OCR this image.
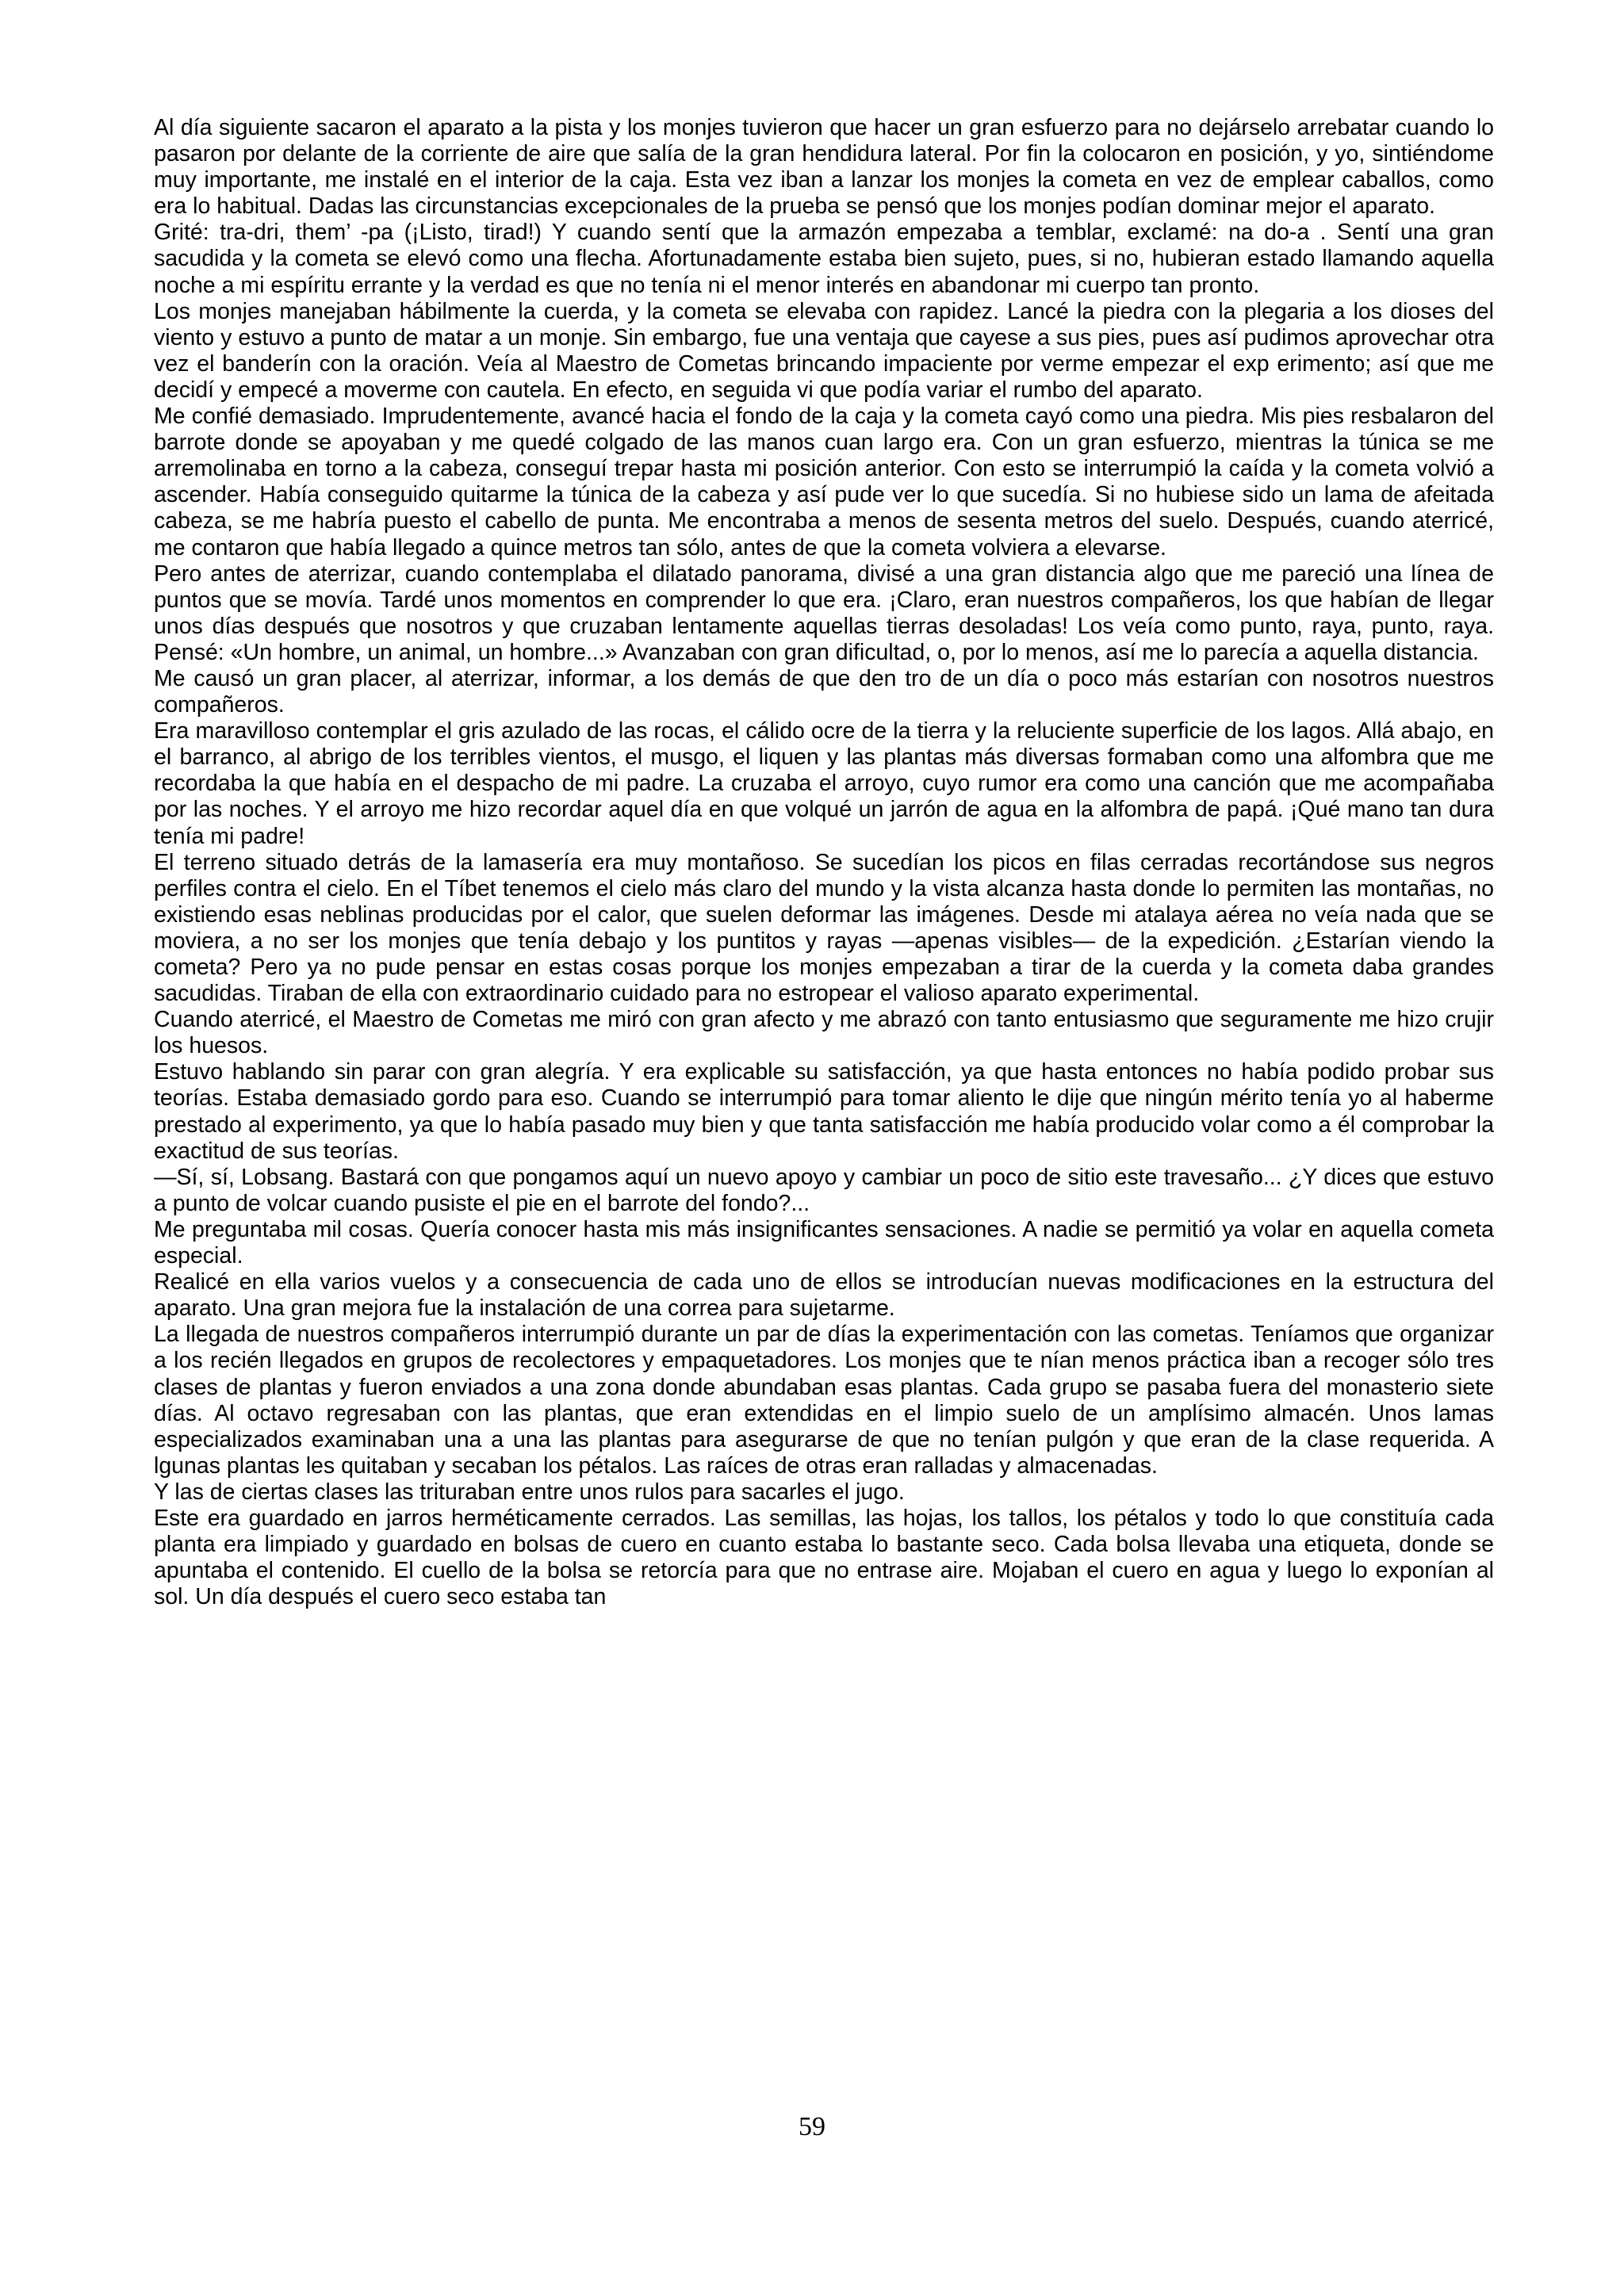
Al día siguiente sacaron el aparato a la pista y los monjes tuvieron que hacer un gran esfuerzo para no dejárselo arrebatar cuando lo pasaron por delante de la corriente de aire que salía de la gran hendidura lateral. Por fin la colocaron en posición, y yo, sintiéndome muy importante, me instalé en el interior de la caja. Esta vez iban a lanzar los monjes la cometa en vez de emplear caballos, como era lo habitual. Dadas las circunstancias excepcionales de la prueba se pensó que los monjes podían dominar mejor el aparato.

Grité: tra-dri, them’ -pa (¡Listo, tirad!) Y cuando sentí que la armazón empezaba a temblar, exclamé: na do-a . Sentí una gran sacudida y la cometa se elevó como una flecha. Afortunadamente estaba bien sujeto, pues, si no, hubieran estado llamando aquella noche a mi espíritu errante y la verdad es que no tenía ni el menor interés en abandonar mi cuerpo tan pronto.

Los monjes manejaban hábilmente la cuerda, y la cometa se elevaba con rapidez. Lancé la piedra con la plegaria a los dioses del viento y estuvo a punto de matar a un monje. Sin embargo, fue una ventaja que cayese a sus pies, pues así pudimos aprovechar otra vez el banderín con la oración. Veía al Maestro de Cometas brincando impaciente por verme empezar el exp erimento; así que me decidí y empecé a moverme con cautela. En efecto, en seguida vi que podía variar el rumbo del aparato.

Me confié demasiado. Imprudentemente, avancé hacia el fondo de la caja y la cometa cayó como una piedra. Mis pies resbalaron del barrote donde se apoyaban y me quedé colgado de las manos cuan largo era. Con un gran esfuerzo, mientras la túnica se me arremolinaba en torno a la cabeza, conseguí trepar hasta mi posición anterior. Con esto se interrumpió la caída y la cometa volvió a ascender. Había conseguido quitarme la túnica de la cabeza y así pude ver lo que sucedía. Si no hubiese sido un lama de afeitada cabeza, se me habría puesto el cabello de punta. Me encontraba a menos de sesenta metros del suelo. Después, cuando aterricé, me contaron que había llegado a quince metros tan sólo, antes de que la cometa volviera a elevarse.

Pero antes de aterrizar, cuando contemplaba el dilatado panorama, divisé a una gran distancia algo que me pareció una línea de puntos que se movía. Tardé unos momentos en comprender lo que era. ¡Claro, eran nuestros compañeros, los que habían de llegar unos días después que nosotros y que cruzaban lentamente aquellas tierras desoladas! Los veía como punto, raya, punto, raya. Pensé: «Un hombre, un animal, un hombre...» Avanzaban con gran dificultad, o, por lo menos, así me lo parecía a aquella distancia.

Me causó un gran placer, al aterrizar, informar, a los demás de que den tro de un día o poco más estarían con nosotros nuestros compañeros.

Era maravilloso contemplar el gris azulado de las rocas, el cálido ocre de la tierra y la reluciente superficie de los lagos. Allá abajo, en el barranco, al abrigo de los terribles vientos, el musgo, el liquen y las plantas más diversas formaban como una alfombra que me recordaba la que había en el despacho de mi padre. La cruzaba el arroyo, cuyo rumor era como una canción que me acompañaba por las noches. Y el arroyo me hizo recordar aquel día en que volqué un jarrón de agua en la alfombra de papá. ¡Qué mano tan dura tenía mi padre!

El terreno situado detrás de la lamasería era muy montañoso. Se sucedían los picos en filas cerradas recortándose sus negros perfiles contra el cielo. En el Tíbet tenemos el cielo más claro del mundo y la vista alcanza hasta donde lo permiten las montañas, no existiendo esas neblinas producidas por el calor, que suelen deformar las imágenes. Desde mi atalaya aérea no veía nada que se moviera, a no ser los monjes que tenía debajo y los puntitos y rayas —apenas visibles— de la expedición. ¿Estarían viendo la cometa? Pero ya no pude pensar en estas cosas porque los monjes empezaban a tirar de la cuerda y la cometa daba grandes sacudidas. Tiraban de ella con extraordinario cuidado para no estropear el valioso aparato experimental.

Cuando aterricé, el Maestro de Cometas me miró con gran afecto y me abrazó con tanto entusiasmo que seguramente me hizo crujir los huesos.

Estuvo hablando sin parar con gran alegría. Y era explicable su satisfacción, ya que hasta entonces no había podido probar sus teorías. Estaba demasiado gordo para eso. Cuando se interrumpió para tomar aliento le dije que ningún mérito tenía yo al haberme prestado al experimento, ya que lo había pasado muy bien y que tanta satisfacción me había producido volar como a él comprobar la exactitud de sus teorías.

—Sí, sí, Lobsang. Bastará con que pongamos aquí un nuevo apoyo y cambiar un poco de sitio este travesaño... ¿Y dices que estuvo a punto de volcar cuando pusiste el pie en el barrote del fondo?...

Me preguntaba mil cosas. Quería conocer hasta mis más insignificantes sensaciones. A nadie se permitió ya volar en aquella cometa especial.

Realicé en ella varios vuelos y a consecuencia de cada uno de ellos se introducían nuevas modificaciones en la estructura del aparato. Una gran mejora fue la instalación de una correa para sujetarme.

La llegada de nuestros compañeros interrumpió durante un par de días la experimentación con las cometas. Teníamos que organizar a los recién llegados en grupos de recolectores y empaquetadores. Los monjes que te nían menos práctica iban a recoger sólo tres clases de plantas y fueron enviados a una zona donde abundaban esas plantas. Cada grupo se pasaba fuera del monasterio siete días. Al octavo regresaban con las plantas, que eran extendidas en el limpio suelo de un amplísimo almacén. Unos lamas especializados examinaban una a una las plantas para asegurarse de que no tenían pulgón y que eran de la clase requerida. A lgunas plantas les quitaban y secaban los pétalos. Las raíces de otras eran ralladas y almacenadas.

Y las de ciertas clases las trituraban entre unos rulos para sacarles el jugo.

Este era guardado en jarros herméticamente cerrados. Las semillas, las hojas, los tallos, los pétalos y todo lo que constituía cada planta era limpiado y guardado en bolsas de cuero en cuanto estaba lo bastante seco. Cada bolsa llevaba una etiqueta, donde se apuntaba el contenido. El cuello de la bolsa se retorcía para que no entrase aire. Mojaban el cuero en agua y luego lo exponían al sol. Un día después el cuero seco estaba tan

59
